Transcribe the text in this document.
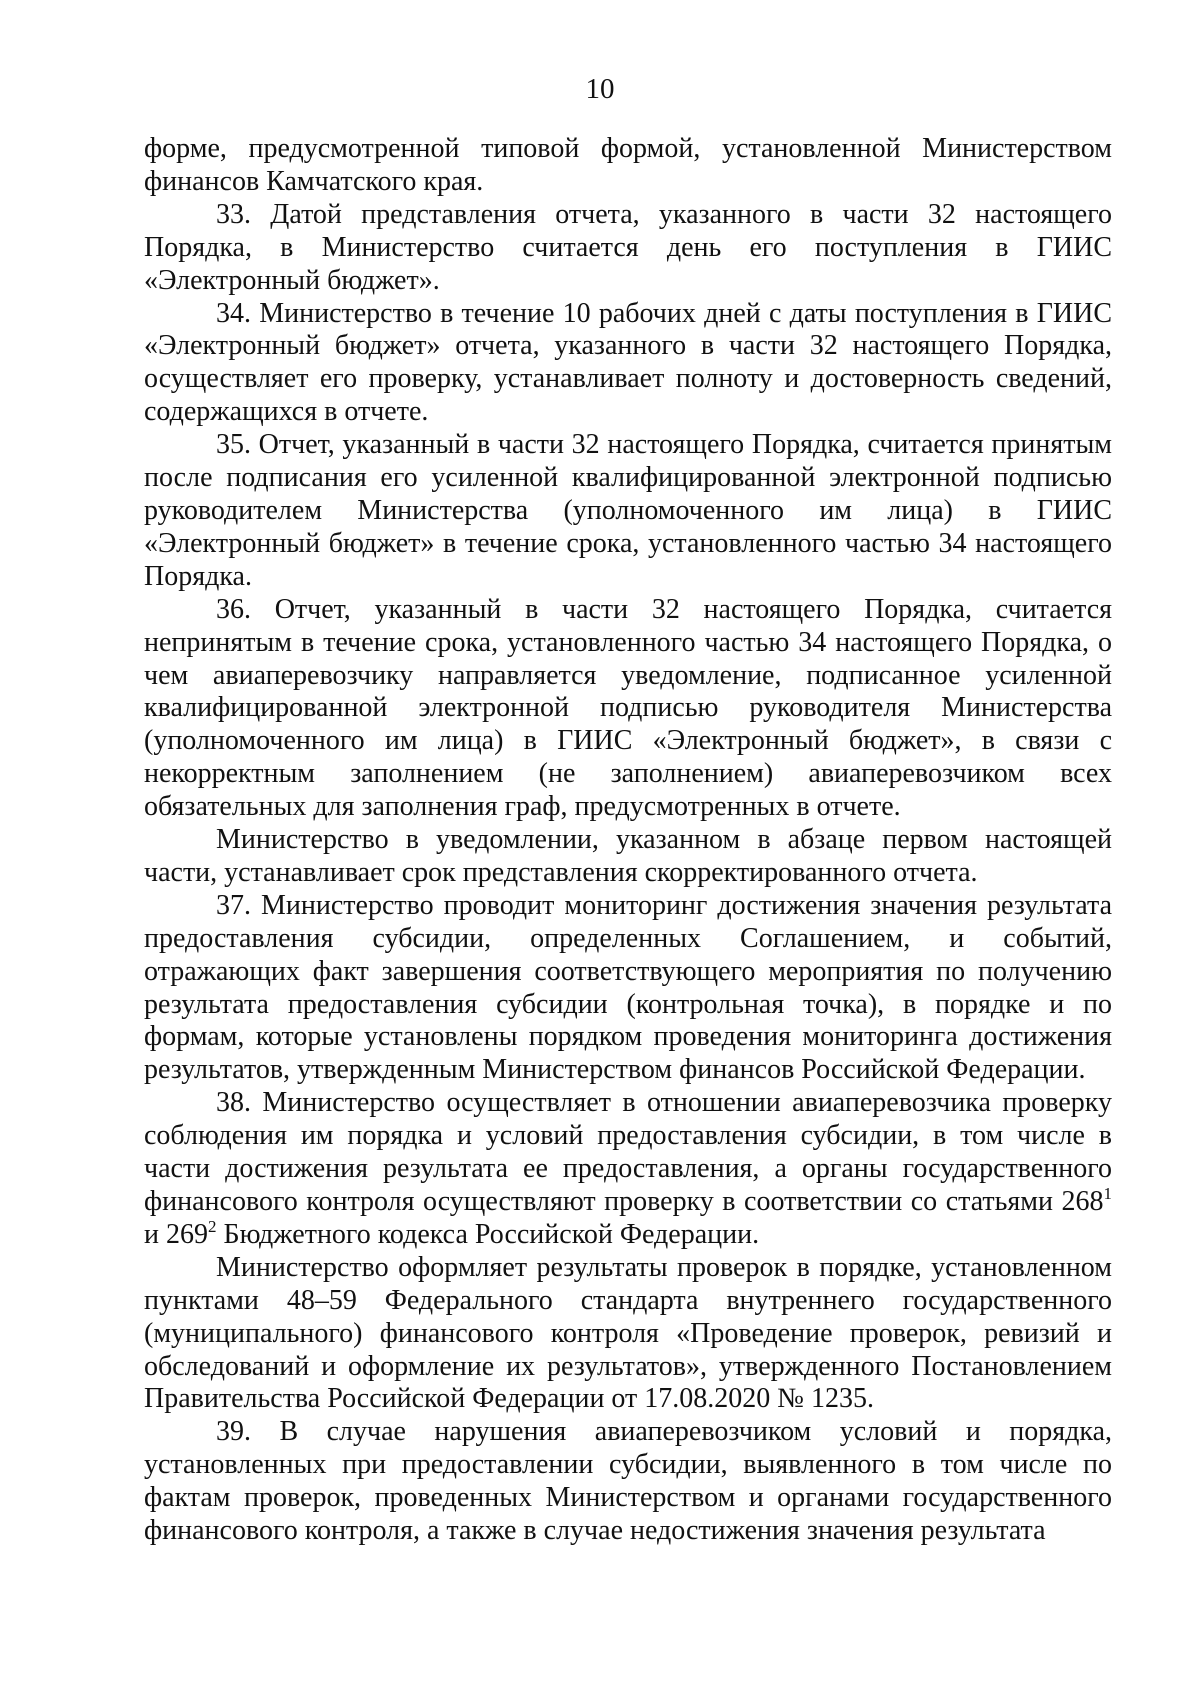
10

форме, предусмотренной типовой формой, установленной Министерством финансов Камчатского края.

33. Датой представления отчета, указанного в части 32 настоящего Порядка, в Министерство считается день его поступления в ГИИС «Электронный бюджет».

34. Министерство в течение 10 рабочих дней с даты поступления в ГИИС «Электронный бюджет» отчета, указанного в части 32 настоящего Порядка, осуществляет его проверку, устанавливает полноту и достоверность сведений, содержащихся в отчете.

35. Отчет, указанный в части 32 настоящего Порядка, считается принятым после подписания его усиленной квалифицированной электронной подписью руководителем Министерства (уполномоченного им лица) в ГИИС «Электронный бюджет» в течение срока, установленного частью 34 настоящего Порядка.

36. Отчет, указанный в части 32 настоящего Порядка, считается непринятым в течение срока, установленного частью 34 настоящего Порядка, о чем авиаперевозчику направляется уведомление, подписанное усиленной квалифицированной электронной подписью руководителя Министерства (уполномоченного им лица) в ГИИС «Электронный бюджет», в связи с некорректным заполнением (не заполнением) авиаперевозчиком всех обязательных для заполнения граф, предусмотренных в отчете.

Министерство в уведомлении, указанном в абзаце первом настоящей части, устанавливает срок представления скорректированного отчета.

37. Министерство проводит мониторинг достижения значения результата предоставления субсидии, определенных Соглашением, и событий, отражающих факт завершения соответствующего мероприятия по получению результата предоставления субсидии (контрольная точка), в порядке и по формам, которые установлены порядком проведения мониторинга достижения результатов, утвержденным Министерством финансов Российской Федерации.

38. Министерство осуществляет в отношении авиаперевозчика проверку соблюдения им порядка и условий предоставления субсидии, в том числе в части достижения результата ее предоставления, а органы государственного финансового контроля осуществляют проверку в соответствии со статьями $268^1$ и $269^2$ Бюджетного кодекса Российской Федерации.

Министерство оформляет результаты проверок в порядке, установленном пунктами 48–59 Федерального стандарта внутреннего государственного (муниципального) финансового контроля «Проведение проверок, ревизий и обследований и оформление их результатов», утвержденного Постановлением Правительства Российской Федерации от 17.08.2020 № 1235.

39. В случае нарушения авиаперевозчиком условий и порядка, установленных при предоставлении субсидии, выявленного в том числе по фактам проверок, проведенных Министерством и органами государственного финансового контроля, а также в случае недостижения значения результата
